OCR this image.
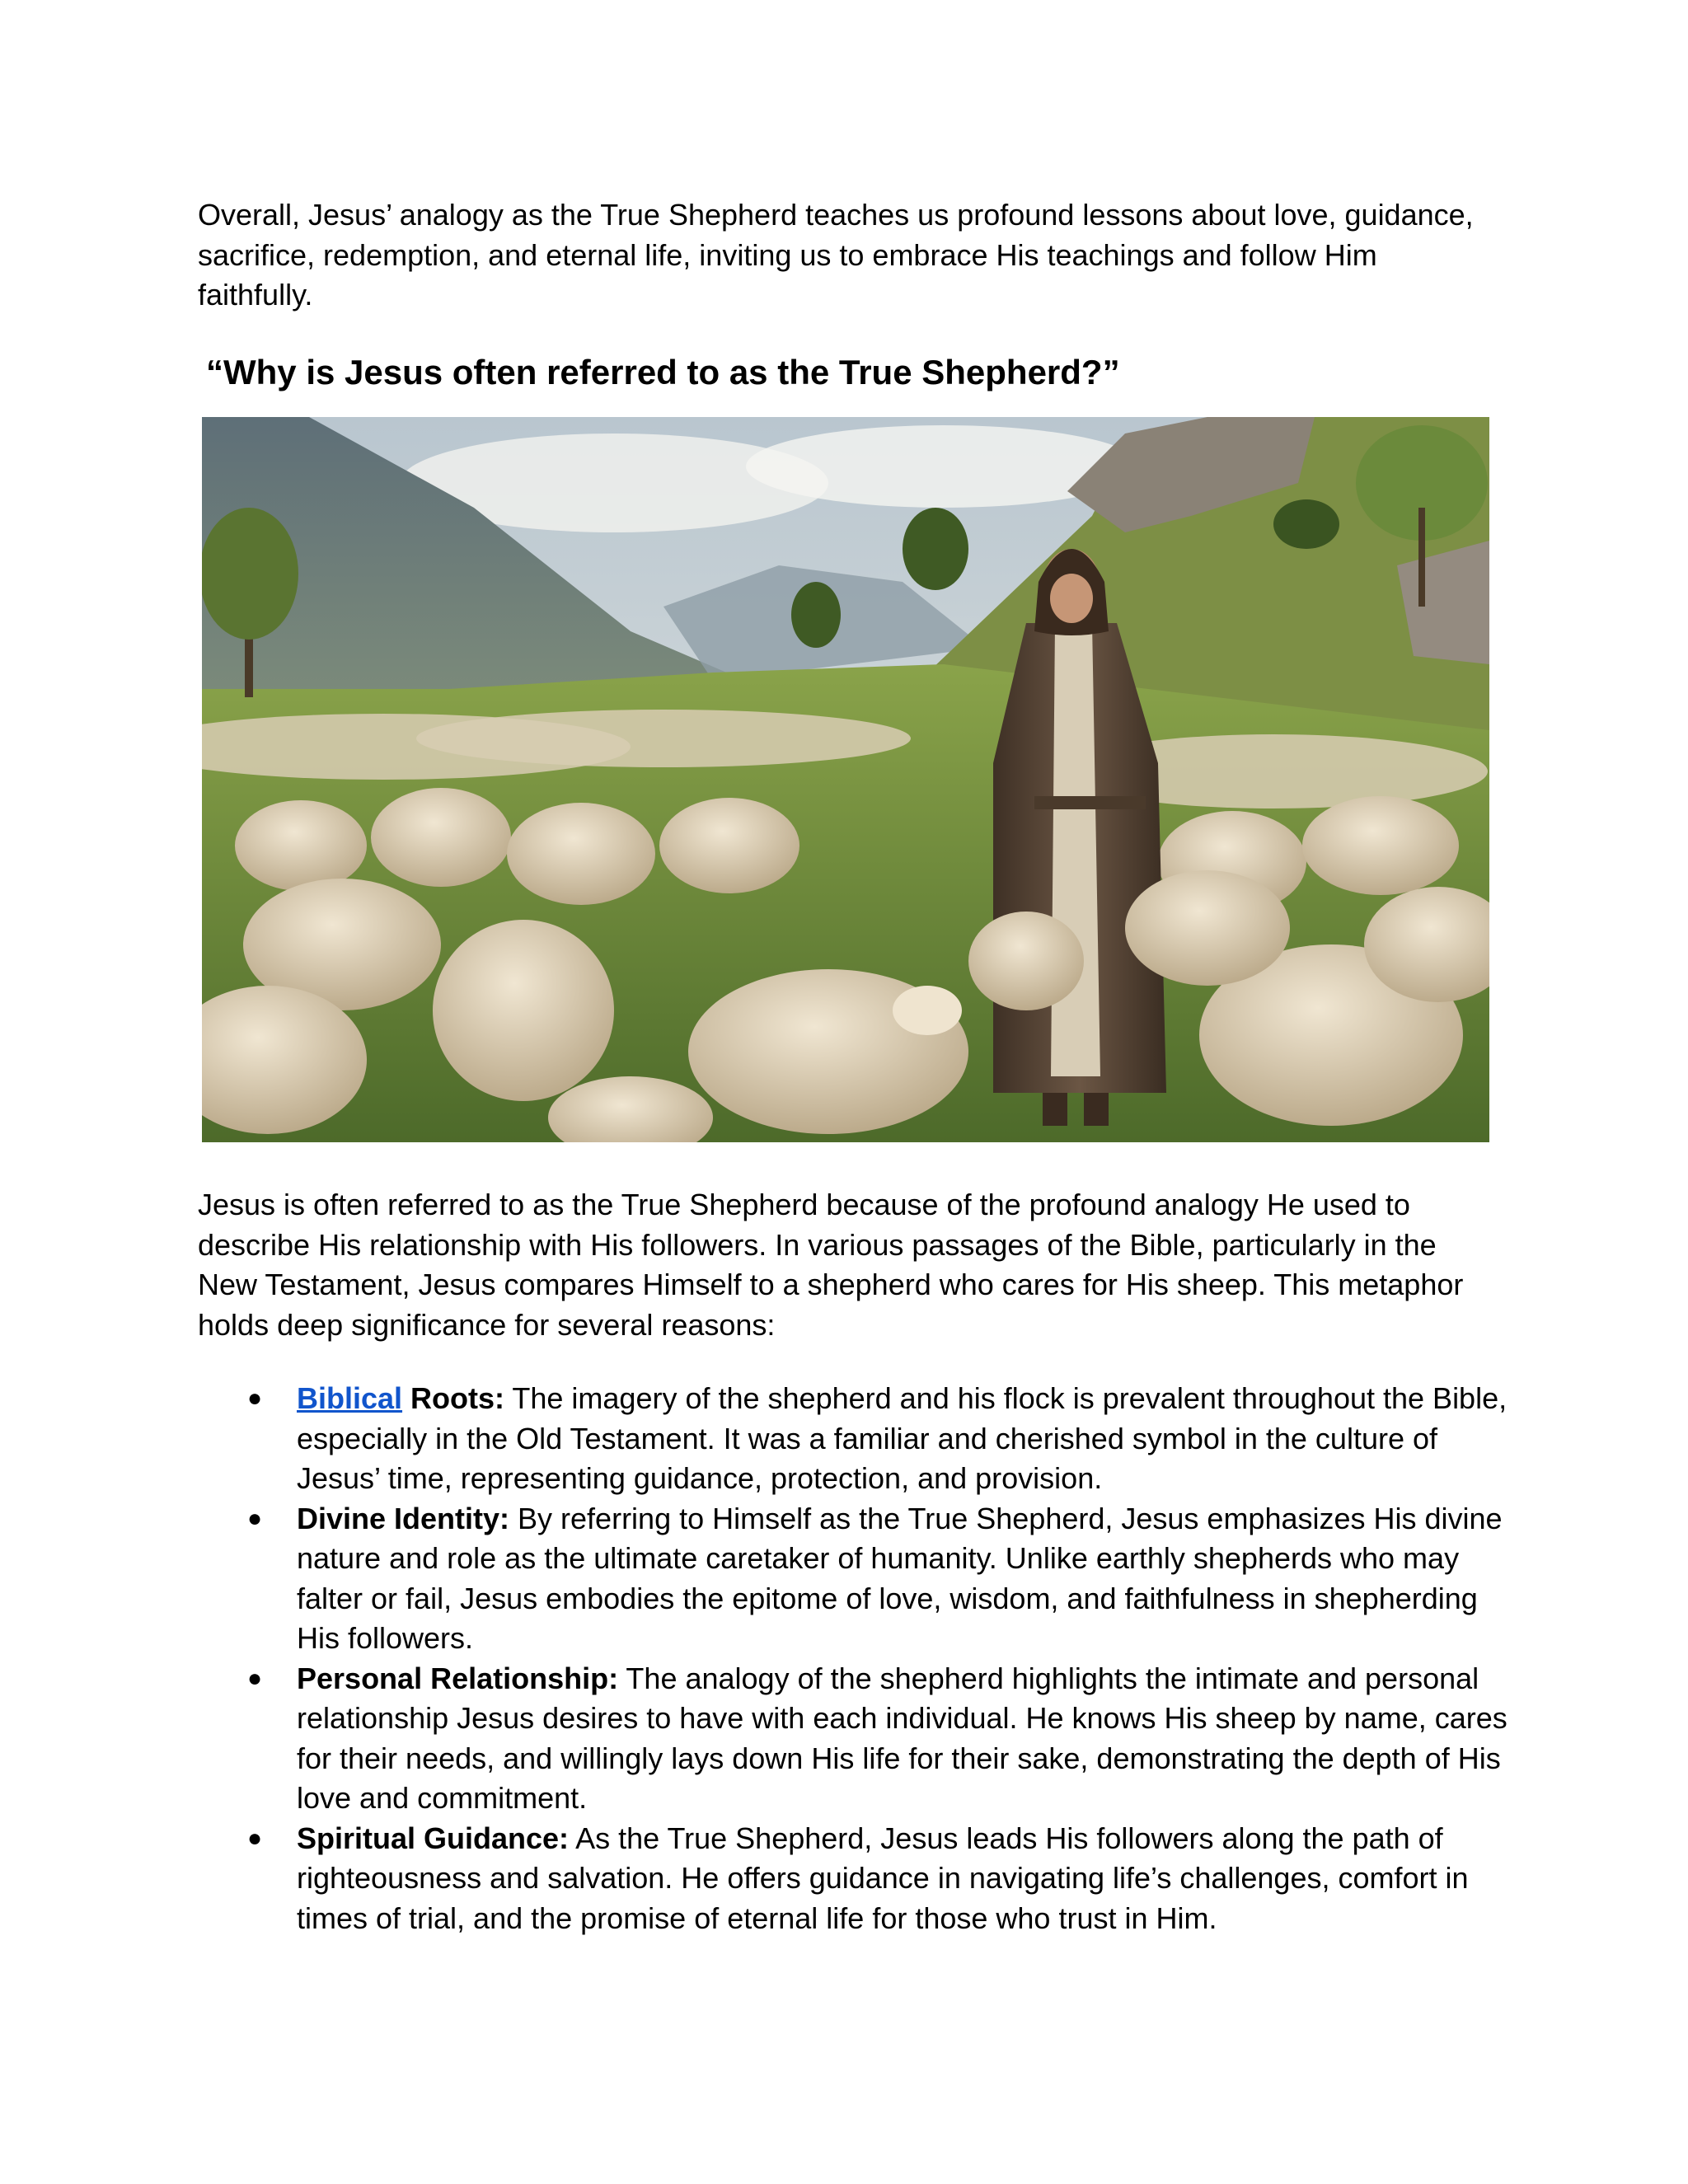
Overall, Jesus’ analogy as the True Shepherd teaches us profound lessons about love, guidance, sacrifice, redemption, and eternal life, inviting us to embrace His teachings and follow Him faithfully.

“Why is Jesus often referred to as the True Shepherd?”

Jesus is often referred to as the True Shepherd because of the profound analogy He used to describe His relationship with His followers. In various passages of the Bible, particularly in the New Testament, Jesus compares Himself to a shepherd who cares for His sheep. This metaphor holds deep significance for several reasons:

● Biblical Roots: The imagery of the shepherd and his flock is prevalent throughout the Bible, especially in the Old Testament. It was a familiar and cherished symbol in the culture of Jesus’ time, representing guidance, protection, and provision.
● Divine Identity: By referring to Himself as the True Shepherd, Jesus emphasizes His divine nature and role as the ultimate caretaker of humanity. Unlike earthly shepherds who may falter or fail, Jesus embodies the epitome of love, wisdom, and faithfulness in shepherding His followers.
● Personal Relationship: The analogy of the shepherd highlights the intimate and personal relationship Jesus desires to have with each individual. He knows His sheep by name, cares for their needs, and willingly lays down His life for their sake, demonstrating the depth of His love and commitment.
● Spiritual Guidance: As the True Shepherd, Jesus leads His followers along the path of righteousness and salvation. He offers guidance in navigating life’s challenges, comfort in times of trial, and the promise of eternal life for those who trust in Him.
